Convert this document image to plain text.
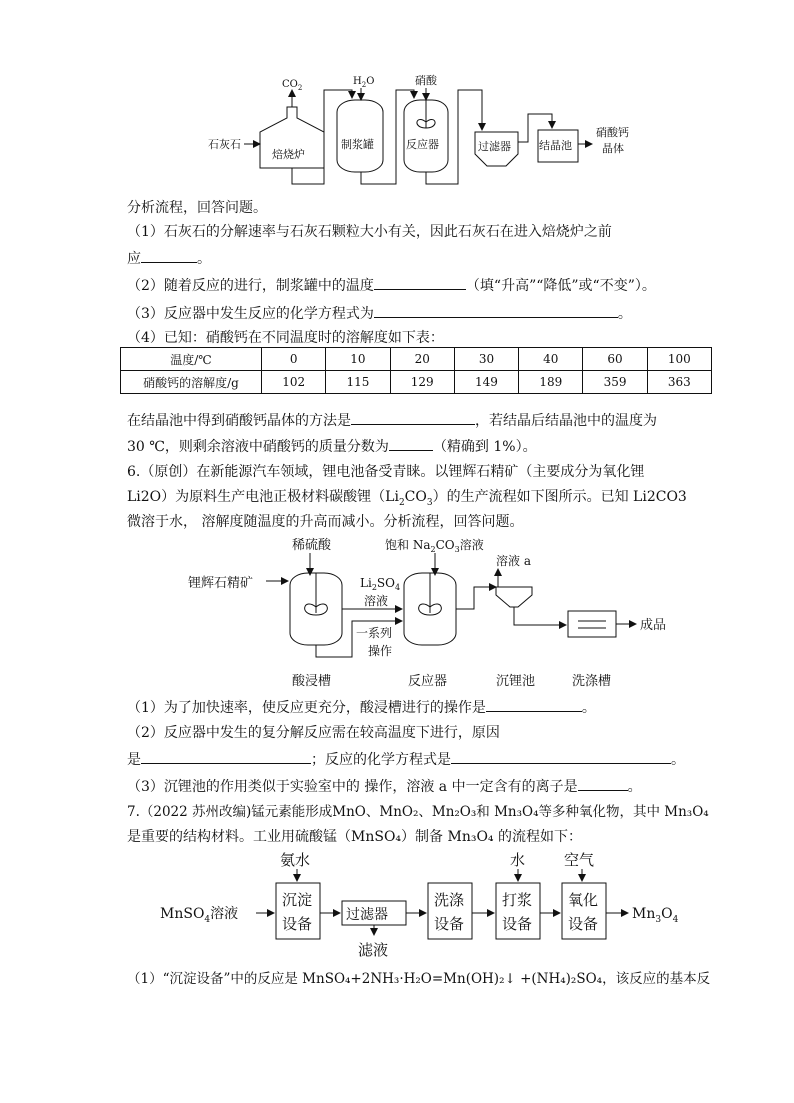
$CO_2$
焙烧炉
石灰石
$H_2O$
制浆罐
硝酸
反应器	过滤器	结晶池
硝酸钙
晶体
分析流程，回答问题。
（1）石灰石的分解速率与石灰石颗粒大小有关，因此石灰石在进入焙烧炉之前
应	。
（2）随着反应的进行，制浆罐中的温度	（填“升高”“降低”或“不变”）。
（3）反应器中发生反应的化学方程式为	。
（4）已知：硝酸钙在不同温度时的溶解度如下表：
温度/℃	0	10	20	30	40	60	100
硝酸钙的溶解度/g	102	115	129	149	189	359	363
在结晶池中得到硝酸钙晶体的方法是	，若结晶后结晶池中的温度为
30 ℃，则剩余溶液中硝酸钙的质量分数为	（精确到 1%）。
6.（原创）在新能源汽车领域，锂电池备受青睐。以锂辉石精矿（主要成分为氧化锂
Li2O）为原料生产电池正极材料碳酸锂$(Li_2CO_3)$的生产流程如下图所示。已知 Li2CO3
微溶于水， 溶解度随温度的升高而减小。分析流程，回答问题。
稀硫酸	饱和 $Na_2CO_3$溶液
锂辉石精矿	$Li_2SO_4$
溶液
一系列
操作
溶液 a
成品
酸浸槽	反应器	沉锂池	洗涤槽
（1）为了加快速率，使反应更充分，酸浸槽进行的操作是	。
（2）反应器中发生的复分解反应需在较高温度下进行，原因
是	；反应的化学方程式是	。
（3）沉锂池的作用类似于实验室中的 操作，溶液 a 中一定含有的离子是	。
7.（2022 苏州改编)锰元素能形成MnO、MnO₂、Mn₂O₃和 Mn₃O₄等多种氧化物，其中 Mn₃O₄
是重要的结构材料。工业用硫酸锰（MnSO₄）制备 Mn₃O₄ 的流程如下：
氨水	水	空气
MnSO$_4$溶液
沉淀
设备 过滤器
滤液
洗涤
设备
打浆
设备
氧化
设备
$Mn_3O_4$
（1）“沉淀设备”中的反应是 MnSO₄+2NH₃·H₂O=Mn(OH)₂↓ +(NH₄)₂SO₄，该反应的基本反
